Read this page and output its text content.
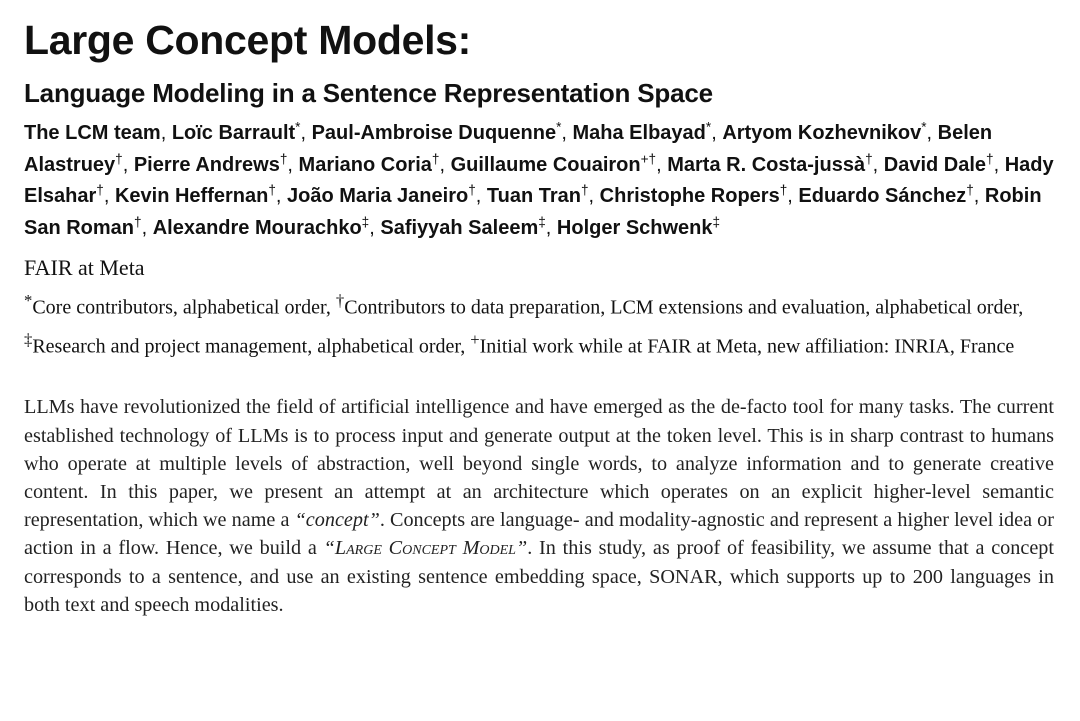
Large Concept Models:
Language Modeling in a Sentence Representation Space
The LCM team, Loïc Barrault*, Paul-Ambroise Duquenne*, Maha Elbayad*, Artyom Kozhevnikov*, Belen Alastruey†, Pierre Andrews†, Mariano Coria†, Guillaume Couairon+†, Marta R. Costa-jussà†, David Dale†, Hady Elsahar†, Kevin Heffernan†, João Maria Janeiro†, Tuan Tran†, Christophe Ropers†, Eduardo Sánchez†, Robin San Roman†, Alexandre Mourachko‡, Safiyyah Saleem‡, Holger Schwenk‡
FAIR at Meta
*Core contributors, alphabetical order, †Contributors to data preparation, LCM extensions and evaluation, alphabetical order, ‡Research and project management, alphabetical order, +Initial work while at FAIR at Meta, new affiliation: INRIA, France

LLMs have revolutionized the field of artificial intelligence and have emerged as the de-facto tool for many tasks. The current established technology of LLMs is to process input and generate output at the token level. This is in sharp contrast to humans who operate at multiple levels of abstraction, well beyond single words, to analyze information and to generate creative content. In this paper, we present an attempt at an architecture which operates on an explicit higher-level semantic representation, which we name a “concept”. Concepts are language- and modality-agnostic and represent a higher level idea or action in a flow. Hence, we build a “Large Concept Model”. In this study, as proof of feasibility, we assume that a concept corresponds to a sentence, and use an existing sentence embedding space, SONAR, which supports up to 200 languages in both text and speech modalities.
